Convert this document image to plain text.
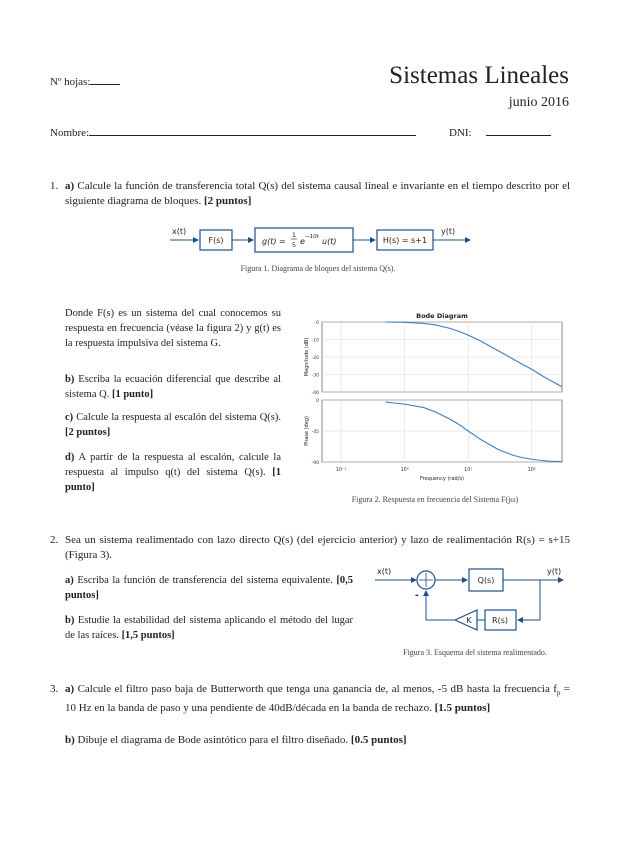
Nº hojas:	Sistemas Lineales
junio 2016
Nombre:	DNI:
1. a) Calcule la función de transferencia total Q(s) del sistema causal lineal e invariante en el tiempo descrito por el siguiente diagrama de bloques. [2 puntos]
x(t)
F(s)	g(t) =
1
5 e −10t u(t)	H(s) = s+1
y(t)
Figura 1. Diagrama de bloques del sistema Q(s).
Donde F(s) es un sistema del cual conocemos su respuesta en frecuencia (véase la figura 2) y g(t) es la respuesta impulsiva del sistema G.
b) Escriba la ecuación diferencial que describe al sistema Q. [1 punto]
c) Calcule la respuesta al escalón del sistema Q(s). [2 puntos]
d) A partir de la respuesta al escalón, calcule la respuesta al impulso q(t) del sistema Q(s). [1 punto]
Bode Diagram
0
-10
-20
-30
-40
Magnitude (dB)
0
-45
-90
Phase (deg)
10⁻¹	10⁰	10¹	10²
Frequency (rad/s)
Figura 2. Respuesta en frecuencia del Sistema F(jω)
2. Sea un sistema realimentado con lazo directo Q(s) (del ejercicio anterior) y lazo de realimentación R(s) = s+15 (Figura 3).
a) Escriba la función de transferencia del sistema equivalente. [0,5 puntos]
b) Estudie la estabilidad del sistema aplicando el método del lugar de las raíces. [1,5 puntos]
x(t)
-
Q(s)
y(t)
R(s)
K
Figura 3. Esquema del sistema realimentado.
3. a) Calcule el filtro paso baja de Butterworth que tenga una ganancia de, al menos, -5 dB hasta la frecuencia $f_p = 10$ Hz en la banda de paso y una pendiente de 40dB/década en la banda de rechazo. [1.5 puntos]
b) Dibuje el diagrama de Bode asintótico para el filtro diseñado. [0.5 puntos]
